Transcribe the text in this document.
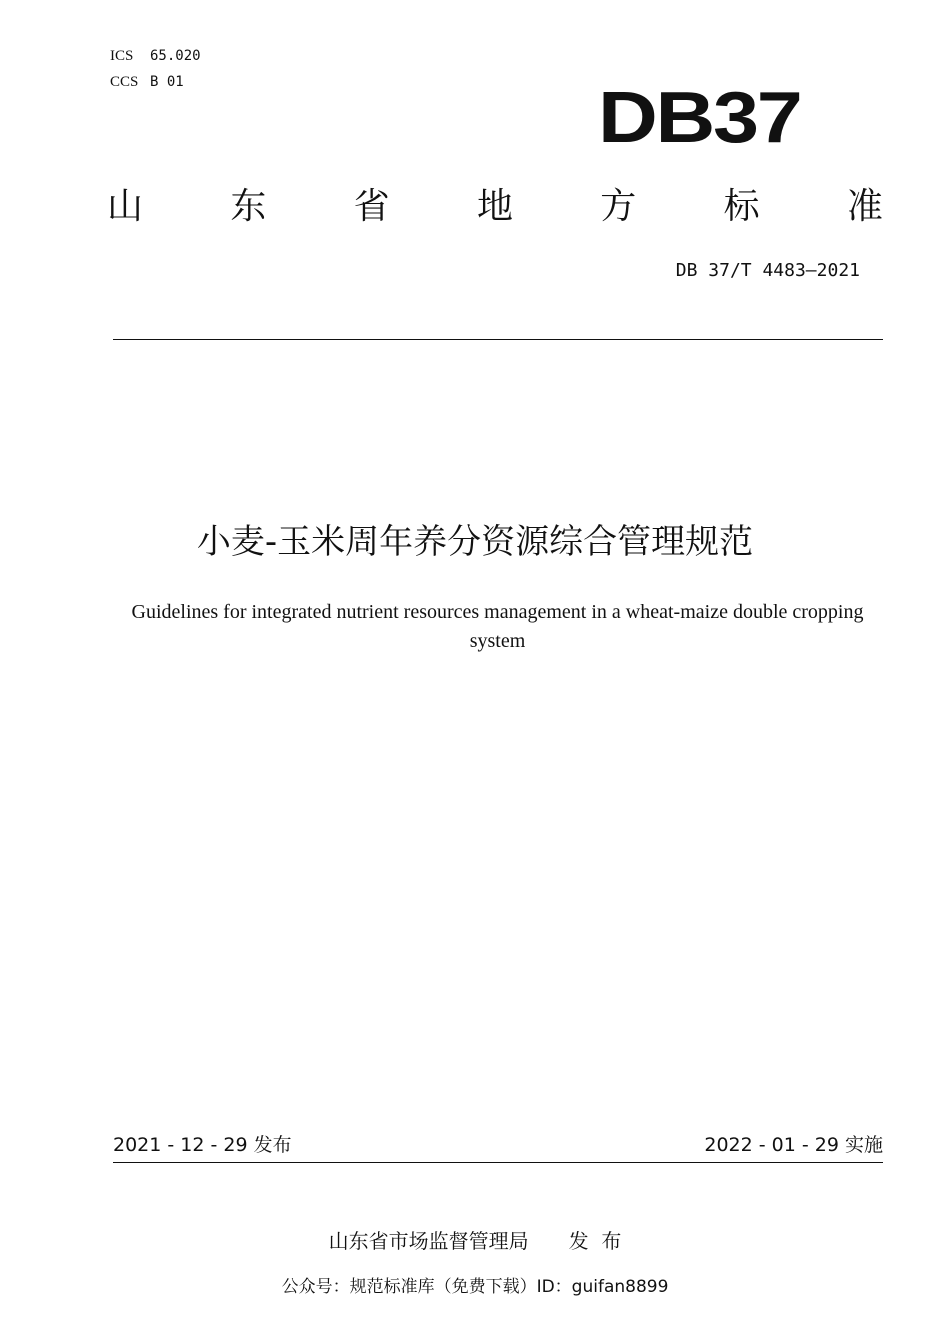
ICS 65.020
CCS B 01	DB37
山 东 省 地 方 标 准
DB 37/T 4483—2021
小麦-玉米周年养分资源综合管理规范
Guidelines for integrated nutrient resources management in a wheat-maize double cropping system
2021 - 12 - 29 发布	2022 - 01 - 29 实施
山东省市场监督管理局 发  布
公众号：规范标准库（免费下载）ID：guifan8899
